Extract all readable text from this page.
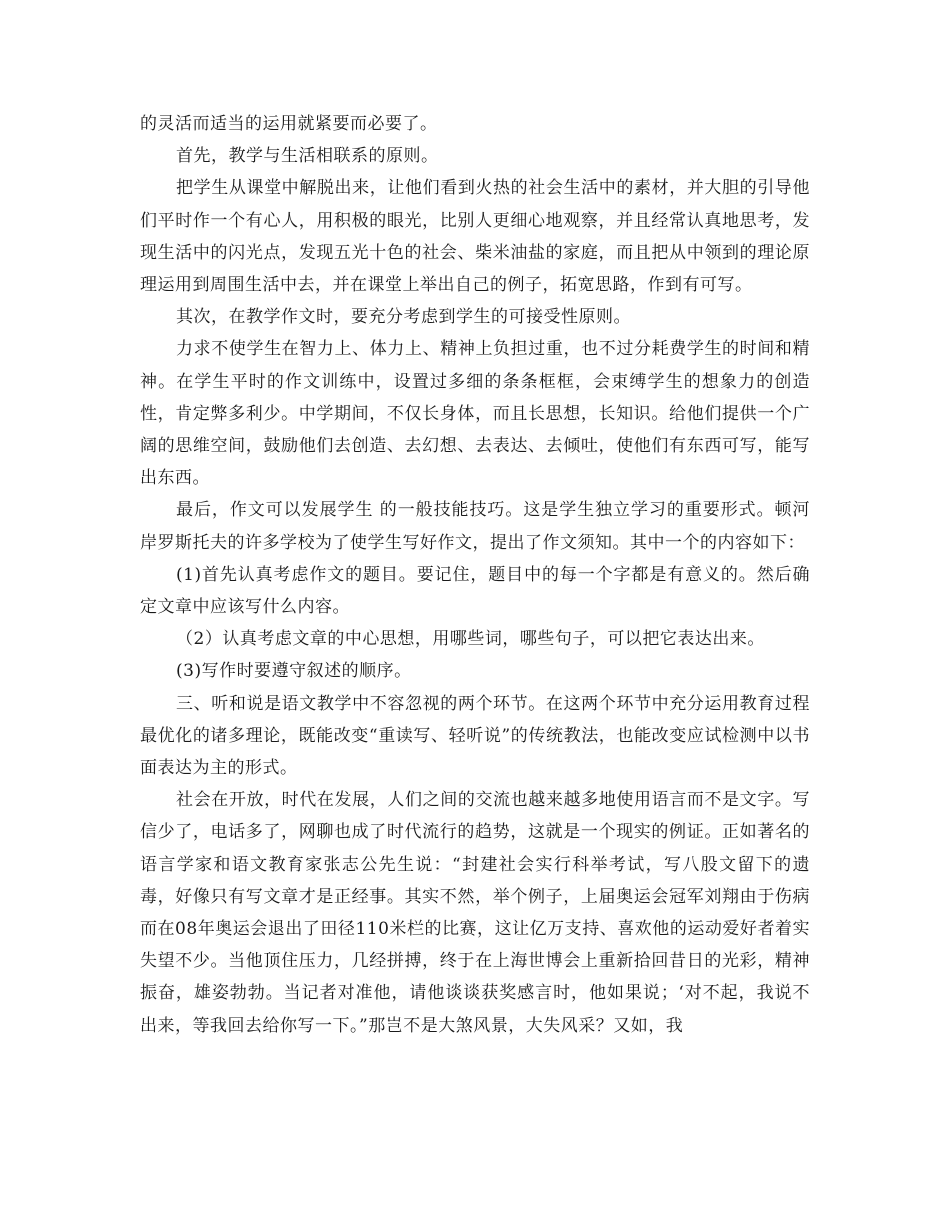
的灵活而适当的运用就紧要而必要了。

首先，教学与生活相联系的原则。

把学生从课堂中解脱出来，让他们看到火热的社会生活中的素材，并大胆的引导他们平时作一个有心人，用积极的眼光，比别人更细心地观察，并且经常认真地思考，发现生活中的闪光点，发现五光十色的社会、柴米油盐的家庭，而且把从中领到的理论原理运用到周围生活中去，并在课堂上举出自己的例子，拓宽思路，作到有可写。

其次，在教学作文时，要充分考虑到学生的可接受性原则。

力求不使学生在智力上、体力上、精神上负担过重，也不过分耗费学生的时间和精神。在学生平时的作文训练中，设置过多细的条条框框，会束缚学生的想象力的创造性，肯定弊多利少。中学期间，不仅长身体，而且长思想，长知识。给他们提供一个广阔的思维空间，鼓励他们去创造、去幻想、去表达、去倾吐，使他们有东西可写，能写出东西。

最后，作文可以发展学生 的一般技能技巧。这是学生独立学习的重要形式。顿河岸罗斯托夫的许多学校为了使学生写好作文，提出了作文须知。其中一个的内容如下：

(1)首先认真考虑作文的题目。要记住，题目中的每一个字都是有意义的。然后确定文章中应该写什么内容。

（2）认真考虑文章的中心思想，用哪些词，哪些句子，可以把它表达出来。

(3)写作时要遵守叙述的顺序。

三、听和说是语文教学中不容忽视的两个环节。在这两个环节中充分运用教育过程最优化的诸多理论，既能改变“重读写、轻听说”的传统教法，也能改变应试检测中以书面表达为主的形式。

社会在开放，时代在发展，人们之间的交流也越来越多地使用语言而不是文字。写信少了，电话多了，网聊也成了时代流行的趋势，这就是一个现实的例证。正如著名的语言学家和语文教育家张志公先生说：“封建社会实行科举考试，写八股文留下的遗毒，好像只有写文章才是正经事。其实不然，举个例子，上届奥运会冠军刘翔由于伤病而在08年奥运会退出了田径110米栏的比赛，这让亿万支持、喜欢他的运动爱好者着实失望不少。当他顶住压力，几经拼搏，终于在上海世博会上重新拾回昔日的光彩，精神振奋，雄姿勃勃。当记者对准他，请他谈谈获奖感言时，他如果说；‘对不起，我说不出来，等我回去给你写一下。”那岂不是大煞风景，大失风采？又如，我
